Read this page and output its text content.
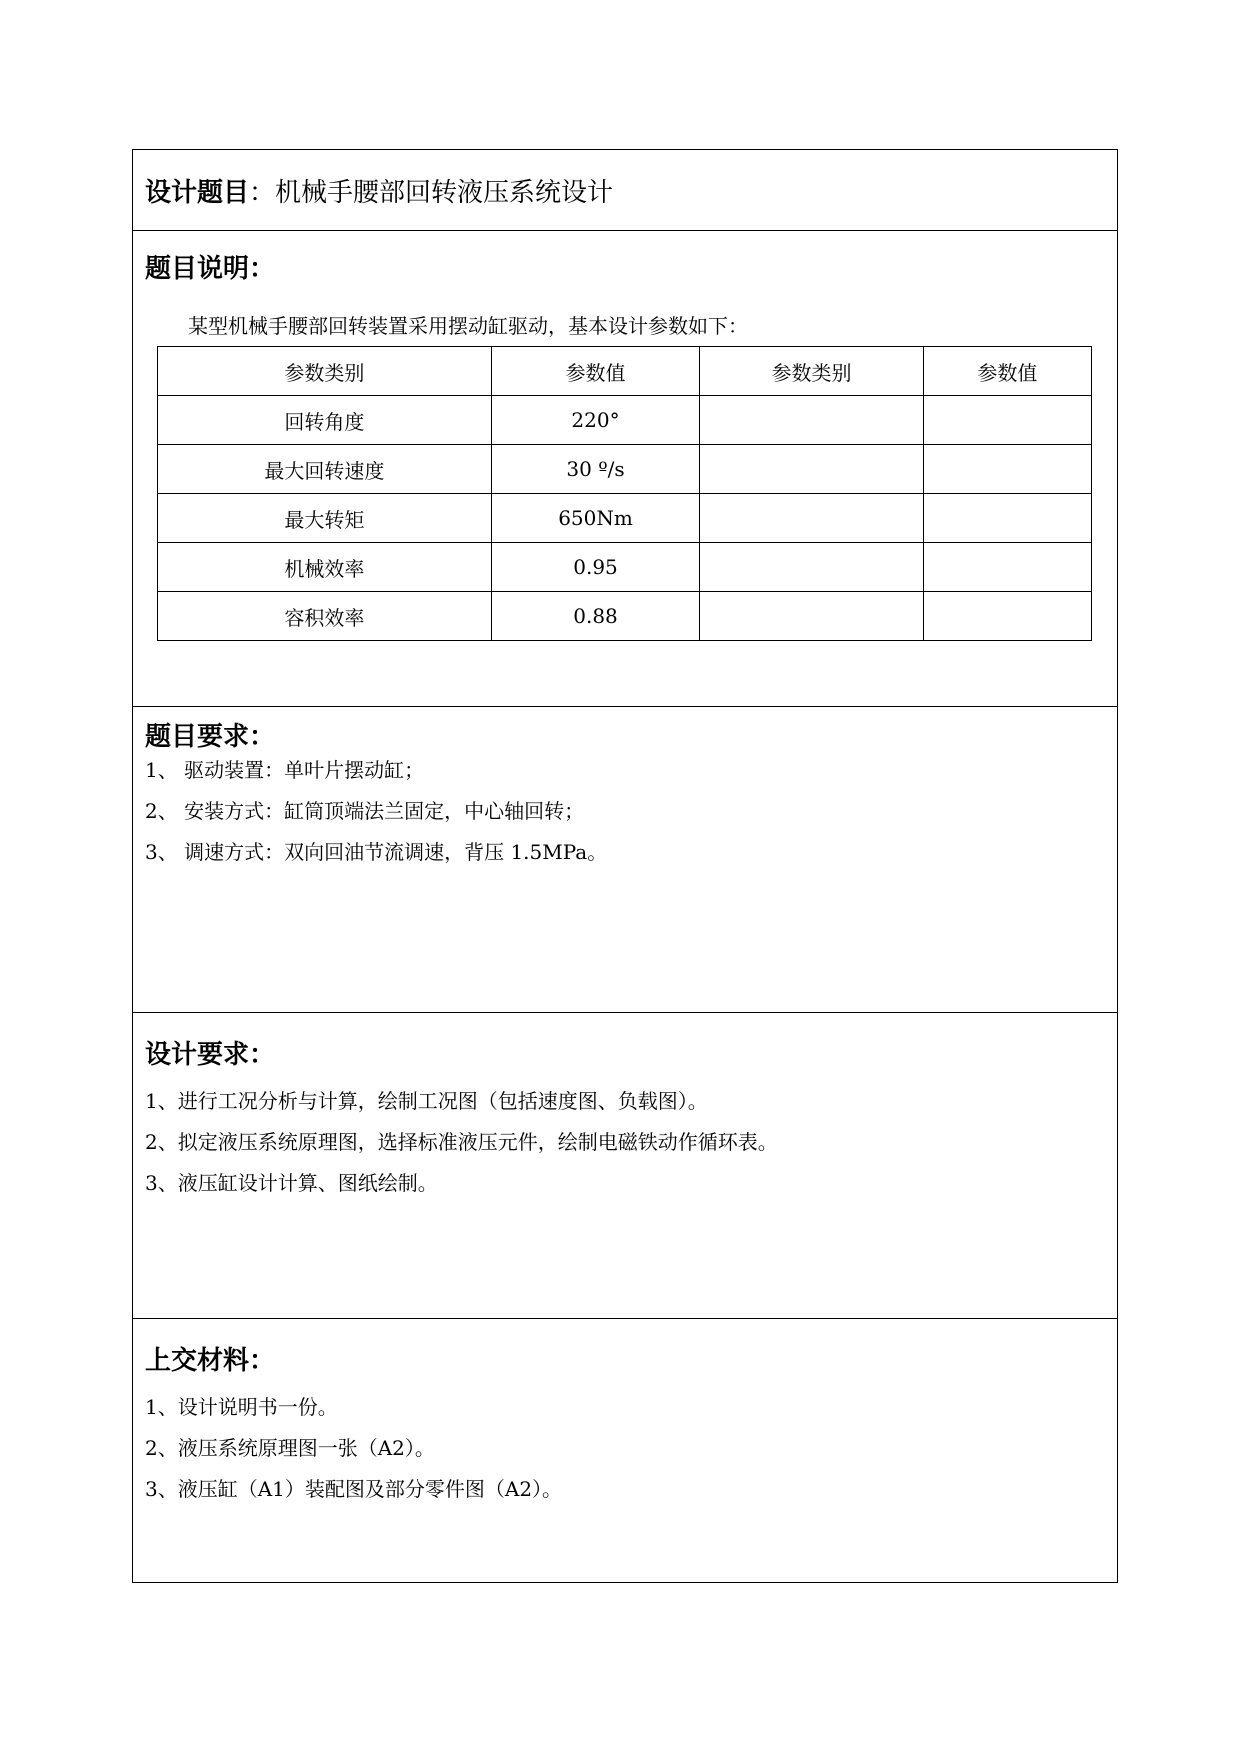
设计题目：机械手腰部回转液压系统设计
题目说明：
某型机械手腰部回转装置采用摆动缸驱动，基本设计参数如下：
参数类别	参数值	参数类别	参数值
回转角度	220°		
最大回转速度	30 º/s		
最大转矩	650Nm		
机械效率	0.95		
容积效率	0.88		
题目要求：
1、 驱动装置：单叶片摆动缸；
2、 安装方式：缸筒顶端法兰固定，中心轴回转；
3、 调速方式：双向回油节流调速，背压 1.5MPa。
设计要求：
1、进行工况分析与计算，绘制工况图（包括速度图、负载图）。
2、拟定液压系统原理图，选择标准液压元件，绘制电磁铁动作循环表。
3、液压缸设计计算、图纸绘制。
上交材料：
1、设计说明书一份。
2、液压系统原理图一张（A2）。
3、液压缸（A1）装配图及部分零件图（A2）。
